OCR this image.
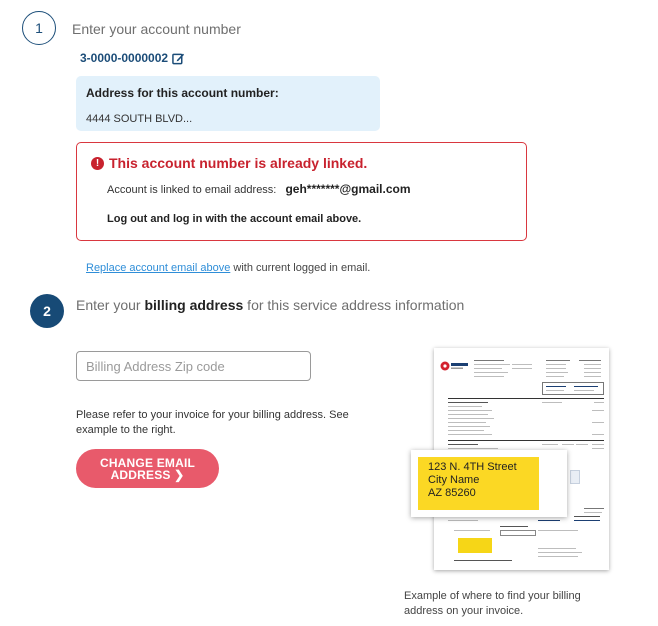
1 Enter your account number
3-0000-0000002
Address for this account number:
4444 SOUTH BLVD...
! This account number is already linked.
Account is linked to email address: geh*******@gmail.com
Log out and log in with the account email above.
Replace account email above with current logged in email.
2 Enter your billing address for this service address information
Billing Address Zip code
Please refer to your invoice for your billing address. See example to the right.
CHANGE EMAIL
ADDRESS ❯
123 N. 4TH Street
City Name
AZ 85260
Example of where to find your billing address on your invoice.
